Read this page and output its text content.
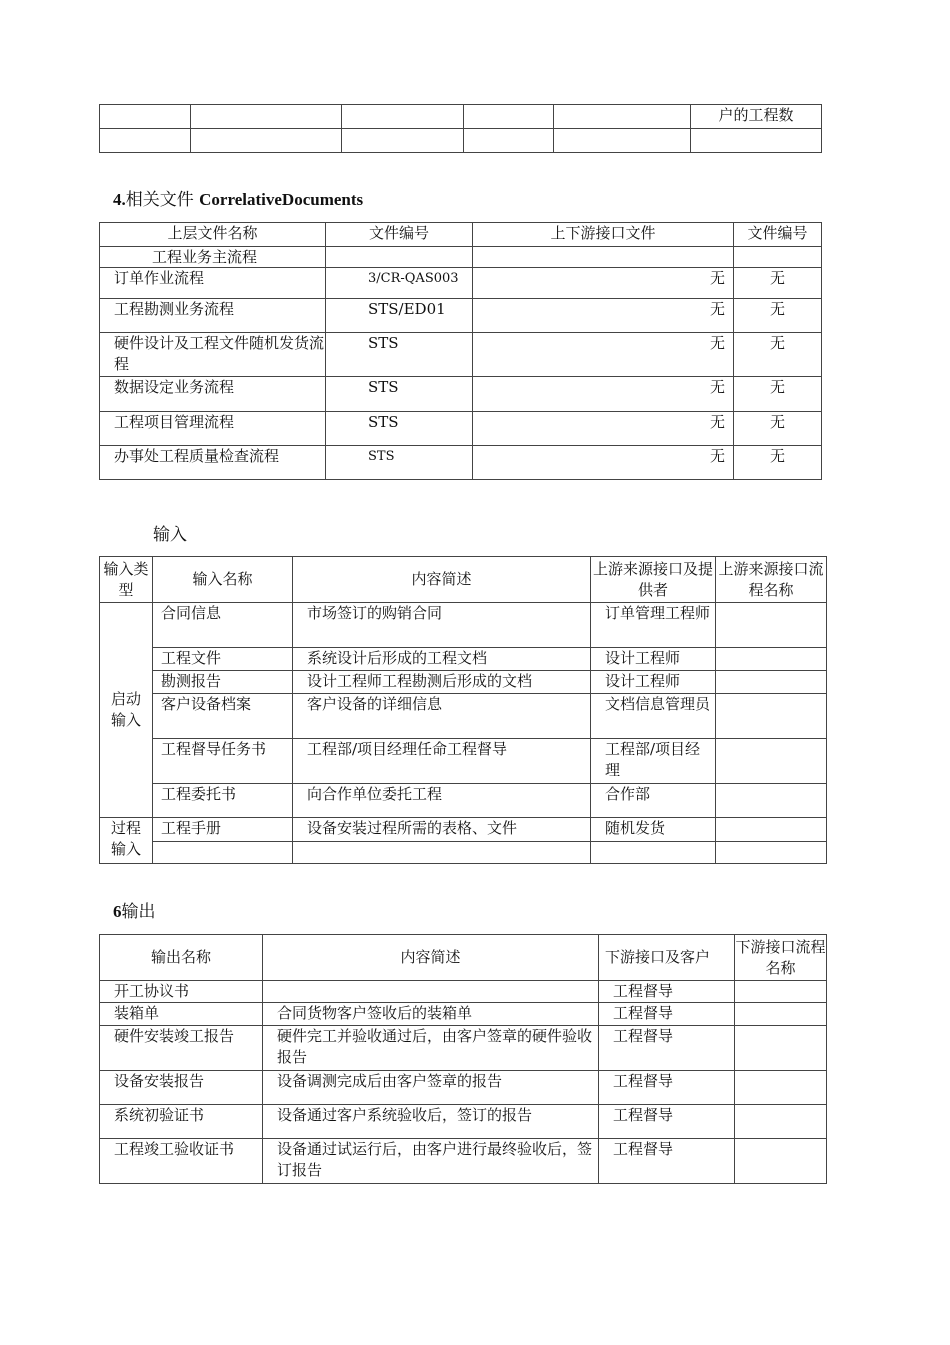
					户的工程数

4.相关文件 CorrelativeDocuments
上层文件名称	文件编号	上下游接口文件	文件编号
工程业务主流程			
订单作业流程	3/CR-QAS003	无	无
工程勘测业务流程	STS/ED01	无	无
硬件设计及工程文件随机发货流程	STS	无	无
数据设定业务流程	STS	无	无
工程项目管理流程	STS	无	无
办事处工程质量检查流程	STS	无	无
输入
输入类型	输入名称	内容简述	上游来源接口及提供者	上游来源接口流程名称
启动输入	合同信息	市场签订的购销合同	订单管理工程师	
	工程文件	系统设计后形成的工程文档	设计工程师	
	勘测报告	设计工程师工程勘测后形成的文档	设计工程师	
	客户设备档案	客户设备的详细信息	文档信息管理员	
	工程督导任务书	工程部/项目经理任命工程督导	工程部/项目经理	
	工程委托书	向合作单位委托工程	合作部	
过程输入	工程手册	设备安装过程所需的表格、文件	随机发货	

6输出
输出名称	内容简述	下游接口及客户	下游接口流程名称
开工协议书		工程督导	
装箱单	合同货物客户签收后的装箱单	工程督导	
硬件安装竣工报告	硬件完工并验收通过后，由客户签章的硬件验收报告	工程督导	
设备安装报告	设备调测完成后由客户签章的报告	工程督导	
系统初验证书	设备通过客户系统验收后，签订的报告	工程督导	
工程竣工验收证书	设备通过试运行后，由客户进行最终验收后，签订报告	工程督导	
